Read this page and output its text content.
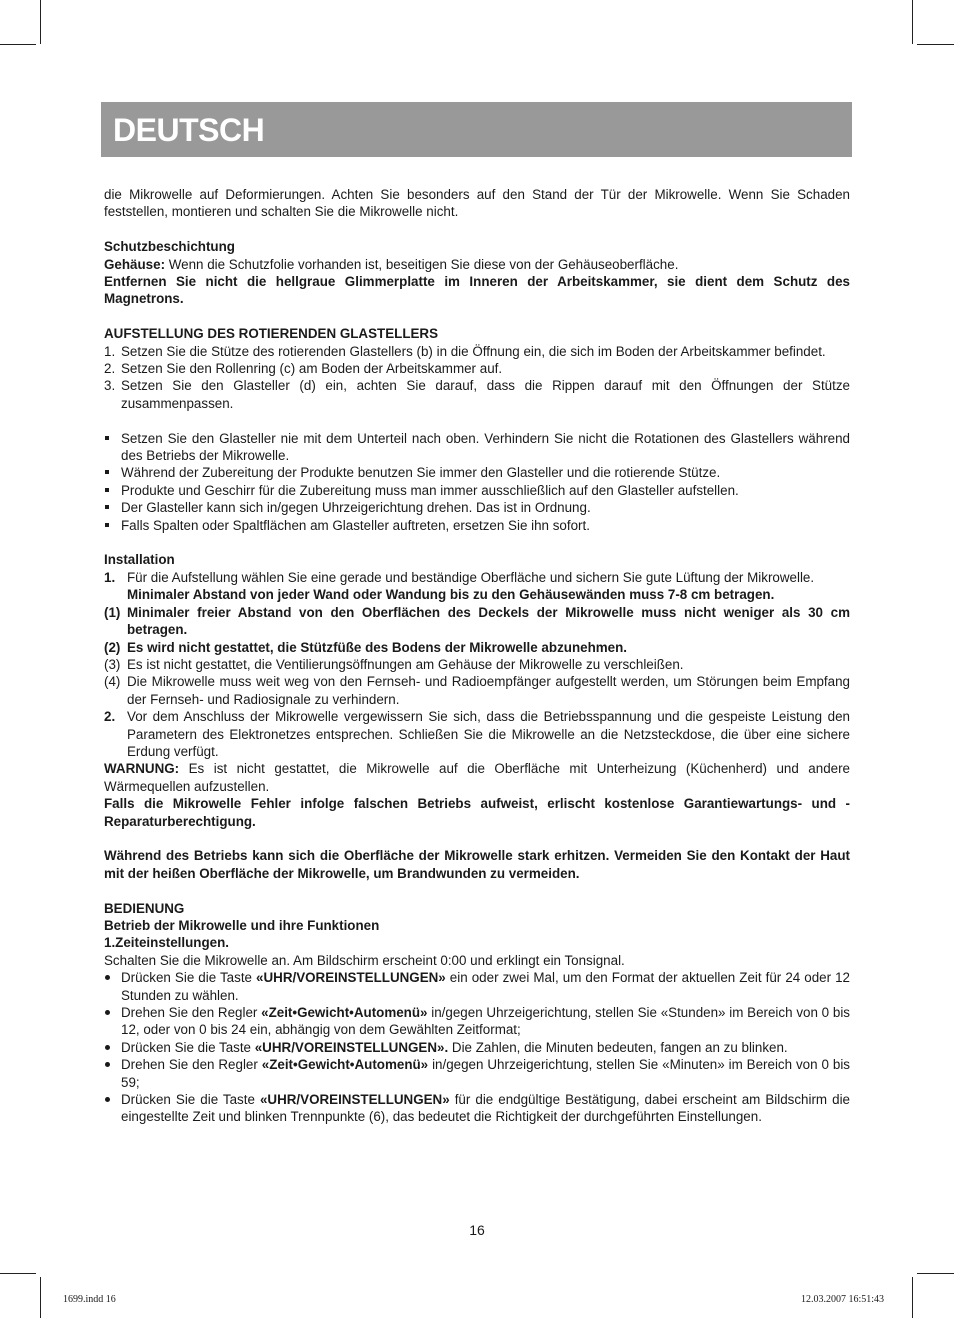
DEUTSCH

die Mikrowelle auf Deformierungen. Achten Sie besonders auf den Stand der Tür der Mikrowelle. Wenn Sie Schaden feststellen, montieren und schalten Sie die Mikrowelle nicht.

Schutzbeschichtung

Gehäuse: Wenn die Schutzfolie vorhanden ist, beseitigen Sie diese von der Gehäuseoberfläche.

Entfernen Sie nicht die hellgraue Glimmerplatte im Inneren der Arbeitskammer, sie dient dem Schutz des Magnetrons.

AUFSTELLUNG DES ROTIERENDEN GLASTELLERS

1. Setzen Sie die Stütze des rotierenden Glastellers (b) in die Öffnung ein, die sich im Boden der Arbeitskammer befindet.
2. Setzen Sie den Rollenring (c) am Boden der Arbeitskammer auf.
3. Setzen Sie den Glasteller (d) ein, achten Sie darauf, dass die Rippen darauf mit den Öffnungen der Stütze zusammenpassen.
Setzen Sie den Glasteller nie mit dem Unterteil nach oben. Verhindern Sie nicht die Rotationen des Glastellers während des Betriebs der Mikrowelle.
Während der Zubereitung der Produkte benutzen Sie immer den Glasteller und die rotierende Stütze.
Produkte und Geschirr für die Zubereitung muss man immer ausschließlich auf den Glasteller aufstellen.
Der Glasteller kann sich in/gegen Uhrzeigerichtung drehen. Das ist in Ordnung.
Falls Spalten oder Spaltflächen am Glasteller auftreten, ersetzen Sie ihn sofort.

Installation

1. Für die Aufstellung wählen Sie eine gerade und beständige Oberfläche und sichern Sie gute Lüftung der Mikrowelle.

Minimaler Abstand von jeder Wand oder Wandung bis zu den Gehäusewänden muss 7-8 cm betragen.

(1) Minimaler freier Abstand von den Oberflächen des Deckels der Mikrowelle muss nicht weniger als 30 cm betragen.
(2) Es wird nicht gestattet, die Stützfüße des Bodens der Mikrowelle abzunehmen.
(3) Es ist nicht gestattet, die Ventilierungsöffnungen am Gehäuse der Mikrowelle zu verschleißen.
(4) Die Mikrowelle muss weit weg von den Fernseh- und Radioempfänger aufgestellt werden, um Störungen beim Empfang der Fernseh- und Radiosignale zu verhindern.
2. Vor dem Anschluss der Mikrowelle vergewissern Sie sich, dass die Betriebsspannung und die gespeiste Leistung den Parametern des Elektronetzes entsprechen. Schließen Sie die Mikrowelle an die Netzsteckdose, die über eine sichere Erdung verfügt.

WARNUNG: Es ist nicht gestattet, die Mikrowelle auf die Oberfläche mit Unterheizung (Küchenherd) und andere Wärmequellen aufzustellen.

Falls die Mikrowelle Fehler infolge falschen Betriebs aufweist, erlischt kostenlose Garantiewartungs- und -Reparaturberechtigung.

Während des Betriebs kann sich die Oberfläche der Mikrowelle stark erhitzen. Vermeiden Sie den Kontakt der Haut mit der heißen Oberfläche der Mikrowelle, um Brandwunden zu vermeiden.

BEDIENUNG

Betrieb der Mikrowelle und ihre Funktionen

1.Zeiteinstellungen.

Schalten Sie die Mikrowelle an. Am Bildschirm erscheint 0:00 und erklingt ein Tonsignal.

Drücken Sie die Taste «UHR/VOREINSTELLUNGEN» ein oder zwei Mal, um den Format der aktuellen Zeit für 24 oder 12 Stunden zu wählen.
Drehen Sie den Regler «Zeit•Gewicht•Automenü» in/gegen Uhrzeigerichtung, stellen Sie «Stunden» im Bereich von 0 bis 12, oder von 0 bis 24 ein, abhängig von dem Gewählten Zeitformat;
Drücken Sie die Taste «UHR/VOREINSTELLUNGEN». Die Zahlen, die Minuten bedeuten, fangen an zu blinken.
Drehen Sie den Regler «Zeit•Gewicht•Automenü» in/gegen Uhrzeigerichtung, stellen Sie «Minuten» im Bereich von 0 bis 59;
Drücken Sie die Taste «UHR/VOREINSTELLUNGEN» für die endgültige Bestätigung, dabei erscheint am Bildschirm die eingestellte Zeit und blinken Trennpunkte (6), das bedeutet die Richtigkeit der durchgeführten Einstellungen.
16
1699.indd 16	12.03.2007 16:51:43
